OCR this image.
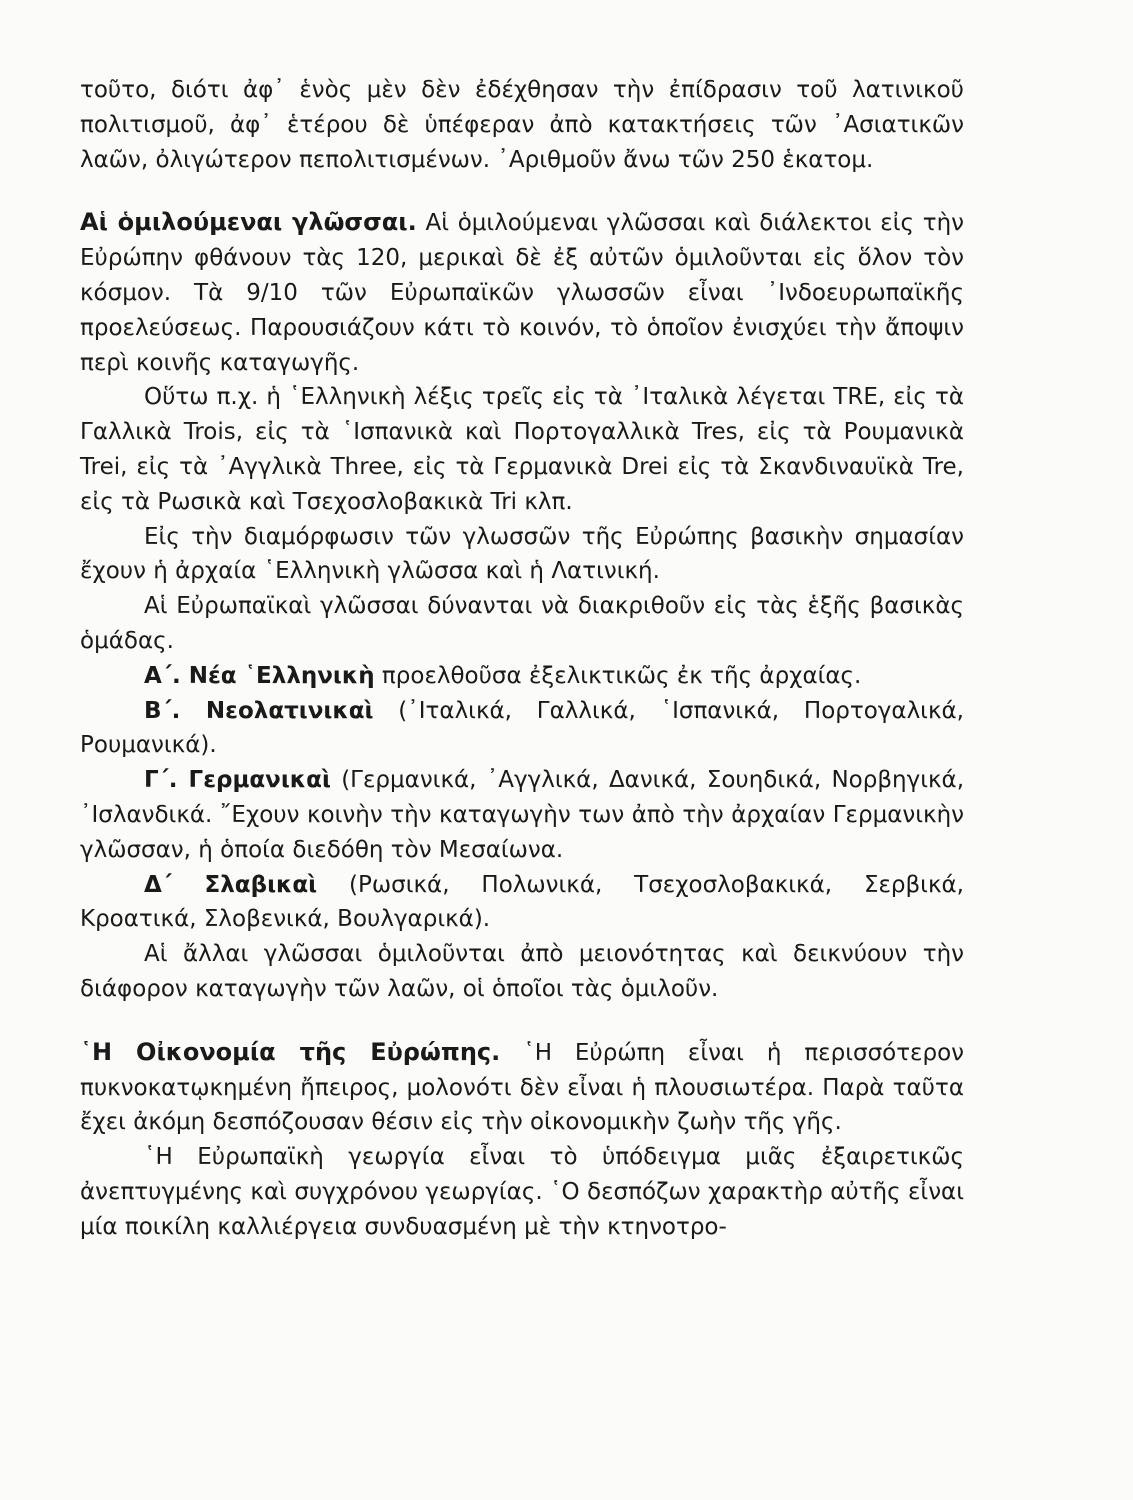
τοῦτο, διότι ἀφ᾽ ἑνὸς μὲν δὲν ἐδέχθησαν τὴν ἐπίδρασιν τοῦ λατινικοῦ πολιτισμοῦ, ἀφ᾽ ἑτέρου δὲ ὑπέφεραν ἀπὸ κατακτήσεις τῶν ᾿Ασιατικῶν λαῶν, ὀλιγώτερον πεπολιτισμένων. ᾿Αριθμοῦν ἄνω τῶν 250 ἑκατομ.

Αἱ ὁμιλούμεναι γλῶσσαι. Αἱ ὁμιλούμεναι γλῶσσαι καὶ διάλεκτοι εἰς τὴν Εὐρώπην φθάνουν τὰς 120, μερικαὶ δὲ ἐξ αὐτῶν ὁμιλοῦνται εἰς ὅλον τὸν κόσμον. Τὰ 9/10 τῶν Εὐρωπαϊκῶν γλωσσῶν εἶναι ᾿Ινδοευρωπαϊκῆς προελεύσεως. Παρουσιάζουν κάτι τὸ κοινόν, τὸ ὁποῖον ἐνισχύει τὴν ἄποψιν περὶ κοινῆς καταγωγῆς.

Οὕτω π.χ. ἡ ῾Ελληνικὴ λέξις τρεῖς εἰς τὰ ᾿Ιταλικὰ λέγεται TRE, εἰς τὰ Γαλλικὰ Trois, εἰς τὰ ῾Ισπανικὰ καὶ Πορτογαλλικὰ Tres, εἰς τὰ Ρουμανικὰ Trei, εἰς τὰ ᾿Αγγλικὰ Three, εἰς τὰ Γερμανικὰ Drei εἰς τὰ Σκανδιναυϊκὰ Tre, εἰς τὰ Ρωσικὰ καὶ Τσεχοσλοβακικὰ Tri κλπ.

Εἰς τὴν διαμόρφωσιν τῶν γλωσσῶν τῆς Εὐρώπης βασικὴν σημασίαν ἔχουν ἡ ἀρχαία ῾Ελληνικὴ γλῶσσα καὶ ἡ Λατινική.

Αἱ Εὐρωπαϊκαὶ γλῶσσαι δύνανται νὰ διακριθοῦν εἰς τὰς ἑξῆς βασικὰς ὁμάδας.

Α΄. Νέα ῾Ελληνικὴ προελθοῦσα ἐξελικτικῶς ἐκ τῆς ἀρχαίας.

Β΄. Νεολατινικαὶ (᾿Ιταλικά, Γαλλικά, ῾Ισπανικά, Πορτογαλικά, Ρουμανικά).

Γ΄. Γερμανικαὶ (Γερμανικά, ᾿Αγγλικά, Δανικά, Σουηδικά, Νορβηγικά, ᾿Ισλανδικά. ῎Εχουν κοινὴν τὴν καταγωγὴν των ἀπὸ τὴν ἀρχαίαν Γερμανικὴν γλῶσσαν, ἡ ὁποία διεδόθη τὸν Μεσαίωνα.

Δ΄ Σλαβικαὶ (Ρωσικά, Πολωνικά, Τσεχοσλοβακικά, Σερβικά, Κροατικά, Σλοβενικά, Βουλγαρικά).

Αἱ ἄλλαι γλῶσσαι ὁμιλοῦνται ἀπὸ μειονότητας καὶ δεικνύουν τὴν διάφορον καταγωγὴν τῶν λαῶν, οἱ ὁποῖοι τὰς ὁμιλοῦν.

῾Η Οἰκονομία τῆς Εὐρώπης. ῾Η Εὐρώπη εἶναι ἡ περισσότερον πυκνοκατῳκημένη ἤπειρος, μολονότι δὲν εἶναι ἡ πλουσιωτέρα. Παρὰ ταῦτα ἔχει ἀκόμη δεσπόζουσαν θέσιν εἰς τὴν οἰκονομικὴν ζωὴν τῆς γῆς.

῾Η Εὐρωπαϊκὴ γεωργία εἶναι τὸ ὑπόδειγμα μιᾶς ἐξαιρετικῶς ἀνεπτυγμένης καὶ συγχρόνου γεωργίας. ῾Ο δεσπόζων χαρακτὴρ αὐτῆς εἶναι μία ποικίλη καλλιέργεια συνδυασμένη μὲ τὴν κτηνοτρο-
